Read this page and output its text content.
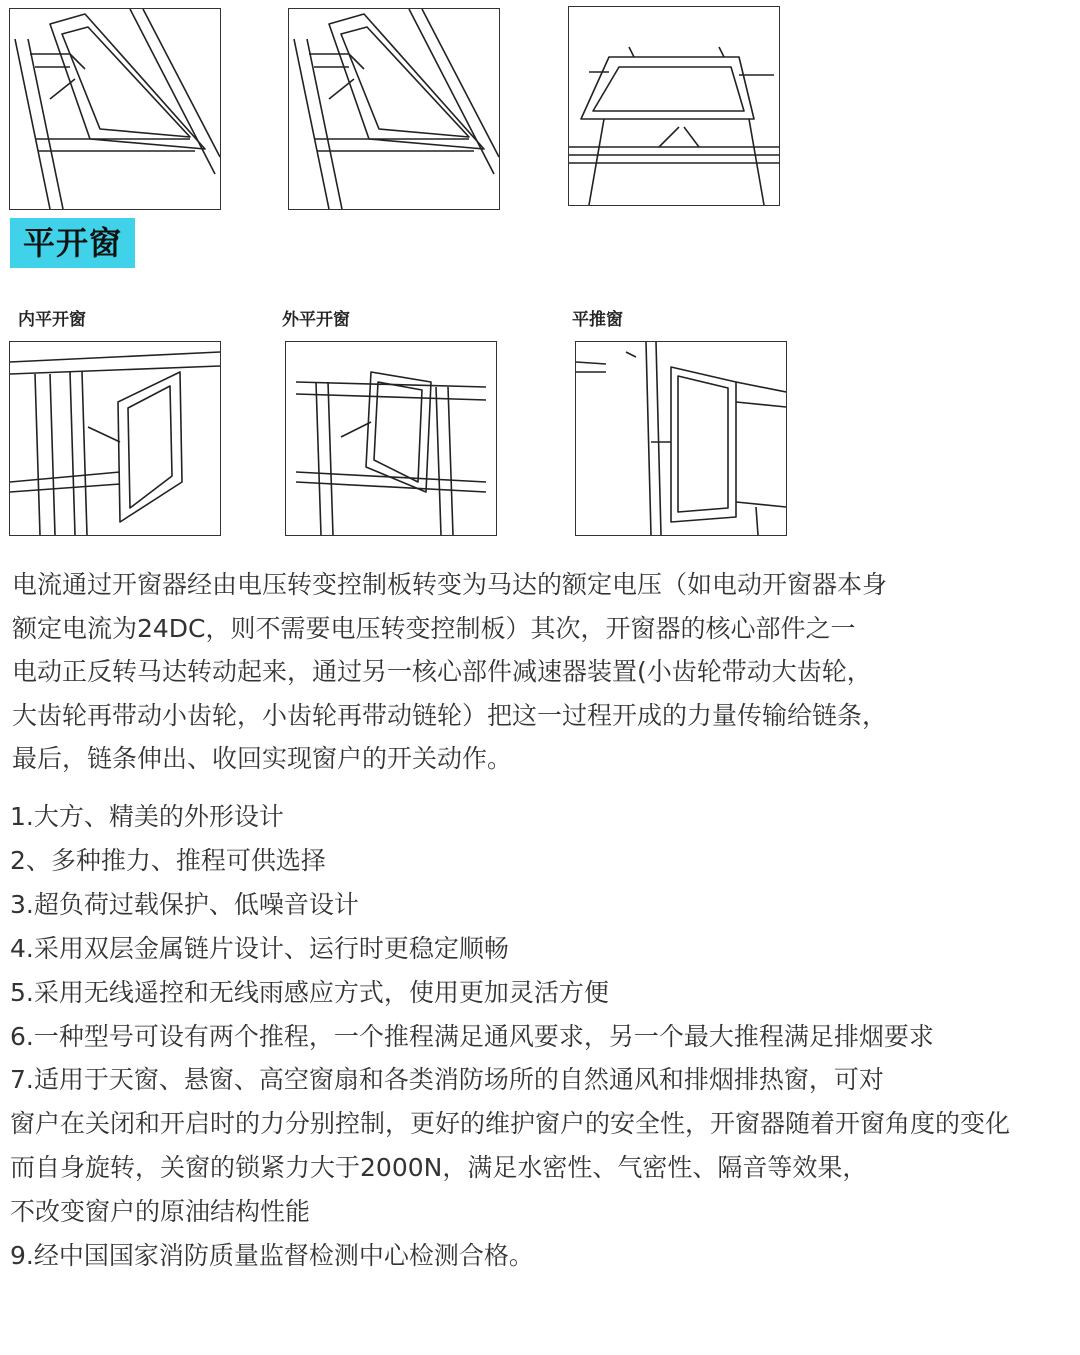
平开窗
内平开窗	外平开窗	平推窗
电流通过开窗器经由电压转变控制板转变为马达的额定电压（如电动开窗器本身
额定电流为24DC，则不需要电压转变控制板）其次，开窗器的核心部件之一
电动正反转马达转动起来，通过另一核心部件减速器装置(小齿轮带动大齿轮，
大齿轮再带动小齿轮，小齿轮再带动链轮）把这一过程开成的力量传输给链条，
最后，链条伸出、收回实现窗户的开关动作。
1.大方、精美的外形设计
2、多种推力、推程可供选择
3.超负荷过载保护、低噪音设计
4.采用双层金属链片设计、运行时更稳定顺畅
5.采用无线遥控和无线雨感应方式，使用更加灵活方便
6.一种型号可设有两个推程，一个推程满足通风要求，另一个最大推程满足排烟要求
7.适用于天窗、悬窗、高空窗扇和各类消防场所的自然通风和排烟排热窗，可对
窗户在关闭和开启时的力分别控制，更好的维护窗户的安全性，开窗器随着开窗角度的变化
而自身旋转，关窗的锁紧力大于2000N，满足水密性、气密性、隔音等效果，
不改变窗户的原油结构性能
9.经中国国家消防质量监督检测中心检测合格。
